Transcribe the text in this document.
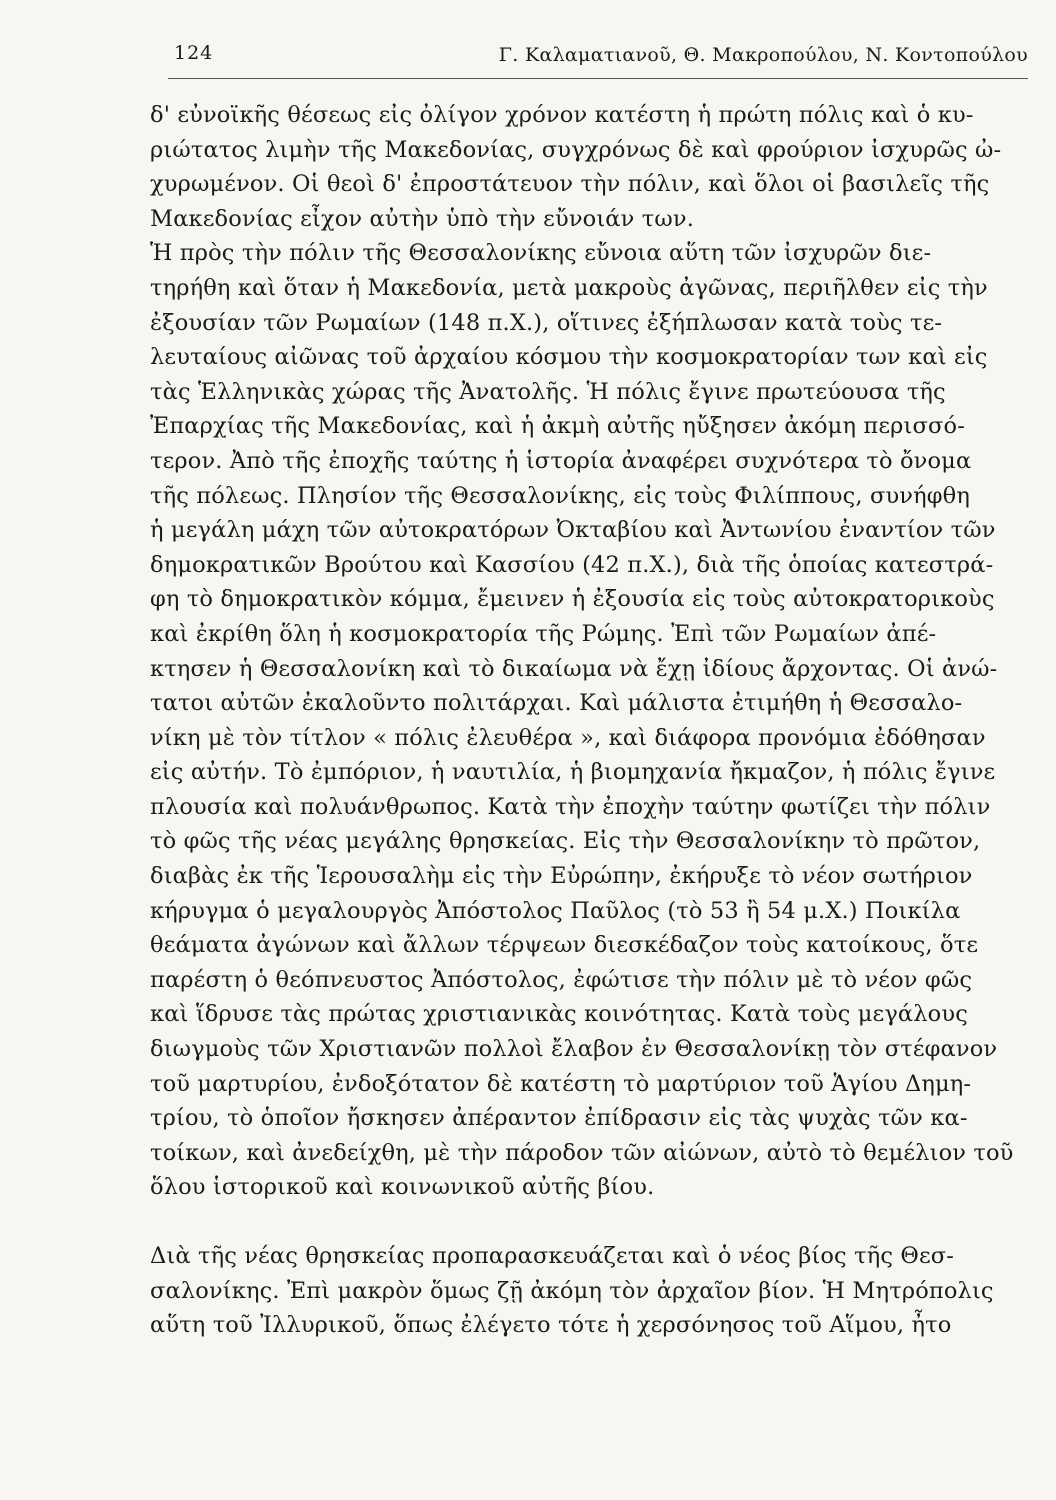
124	Γ. Καλαματιανοῦ, Θ. Μακροπούλου, Ν. Κοντοπούλου

δ' εὐνοϊκῆς θέσεως εἰς ὀλίγον χρόνον κατέστη ἡ πρώτη πόλις καὶ ὁ κυ-
ριώτατος λιμὴν τῆς Μακεδονίας, συγχρόνως δὲ καὶ φρούριον ἰσχυρῶς ὠ-
χυρωμένον. Οἱ θεοὶ δ' ἐπροστάτευον τὴν πόλιν, καὶ ὅλοι οἱ βασιλεῖς τῆς
Μακεδονίας εἶχον αὐτὴν ὑπὸ τὴν εὔνοιάν των.

Ἡ πρὸς τὴν πόλιν τῆς Θεσσαλονίκης εὔνοια αὕτη τῶν ἰσχυρῶν διε-
τηρήθη καὶ ὅταν ἡ Μακεδονία, μετὰ μακροὺς ἀγῶνας, περιῆλθεν εἰς τὴν
ἐξουσίαν τῶν Ρωμαίων (148 π.Χ.), οἵτινες ἐξήπλωσαν κατὰ τοὺς τε-
λευταίους αἰῶνας τοῦ ἀρχαίου κόσμου τὴν κοσμοκρατορίαν των καὶ εἰς
τὰς Ἑλληνικὰς χώρας τῆς Ἀνατολῆς. Ἡ πόλις ἔγινε πρωτεύουσα τῆς
Ἐπαρχίας τῆς Μακεδονίας, καὶ ἡ ἀκμὴ αὐτῆς ηὔξησεν ἀκόμη περισσό-
τερον. Ἀπὸ τῆς ἐποχῆς ταύτης ἡ ἱστορία ἀναφέρει συχνότερα τὸ ὄνομα
τῆς πόλεως. Πλησίον τῆς Θεσσαλονίκης, εἰς τοὺς Φιλίππους, συνήφθη
ἡ μεγάλη μάχη τῶν αὐτοκρατόρων Ὀκταβίου καὶ Ἀντωνίου ἐναντίον τῶν
δημοκρατικῶν Βρούτου καὶ Κασσίου (42 π.Χ.), διὰ τῆς ὁποίας κατεστρά-
φη τὸ δημοκρατικὸν κόμμα, ἔμεινεν ἡ ἐξουσία εἰς τοὺς αὐτοκρατορικοὺς
καὶ ἐκρίθη ὅλη ἡ κοσμοκρατορία τῆς Ρώμης. Ἐπὶ τῶν Ρωμαίων ἀπέ-
κτησεν ἡ Θεσσαλονίκη καὶ τὸ δικαίωμα νὰ ἔχῃ ἰδίους ἄρχοντας. Οἱ ἀνώ-
τατοι αὐτῶν ἐκαλοῦντο πολιτάρχαι. Καὶ μάλιστα ἐτιμήθη ἡ Θεσσαλο-
νίκη μὲ τὸν τίτλον « πόλις ἐλευθέρα », καὶ διάφορα προνόμια ἐδόθησαν
εἰς αὐτήν. Τὸ ἐμπόριον, ἡ ναυτιλία, ἡ βιομηχανία ἤκμαζον, ἡ πόλις ἔγινε
πλουσία καὶ πολυάνθρωπος. Κατὰ τὴν ἐποχὴν ταύτην φωτίζει τὴν πόλιν
τὸ φῶς τῆς νέας μεγάλης θρησκείας. Εἰς τὴν Θεσσαλονίκην τὸ πρῶτον,
διαβὰς ἐκ τῆς Ἱερουσαλὴμ εἰς τὴν Εὐρώπην, ἐκήρυξε τὸ νέον σωτήριον
κήρυγμα ὁ μεγαλουργὸς Ἀπόστολος Παῦλος (τὸ 53 ἢ 54 μ.Χ.) Ποικίλα
θεάματα ἀγώνων καὶ ἄλλων τέρψεων διεσκέδαζον τοὺς κατοίκους, ὅτε
παρέστη ὁ θεόπνευστος Ἀπόστολος, ἐφώτισε τὴν πόλιν μὲ τὸ νέον φῶς
καὶ ἵδρυσε τὰς πρώτας χριστιανικὰς κοινότητας. Κατὰ τοὺς μεγάλους
διωγμοὺς τῶν Χριστιανῶν πολλοὶ ἔλαβον ἐν Θεσσαλονίκῃ τὸν στέφανον
τοῦ μαρτυρίου, ἐνδοξότατον δὲ κατέστη τὸ μαρτύριον τοῦ Ἁγίου Δημη-
τρίου, τὸ ὁποῖον ἤσκησεν ἀπέραντον ἐπίδρασιν εἰς τὰς ψυχὰς τῶν κα-
τοίκων, καὶ ἀνεδείχθη, μὲ τὴν πάροδον τῶν αἰώνων, αὐτὸ τὸ θεμέλιον τοῦ
ὅλου ἱστορικοῦ καὶ κοινωνικοῦ αὐτῆς βίου.

Διὰ τῆς νέας θρησκείας προπαρασκευάζεται καὶ ὁ νέος βίος τῆς Θεσ-
σαλονίκης. Ἐπὶ μακρὸν ὅμως ζῇ ἀκόμη τὸν ἀρχαῖον βίον. Ἡ Μητρόπολις
αὕτη τοῦ Ἰλλυρικοῦ, ὅπως ἐλέγετο τότε ἡ χερσόνησος τοῦ Αἵμου, ἦτο
